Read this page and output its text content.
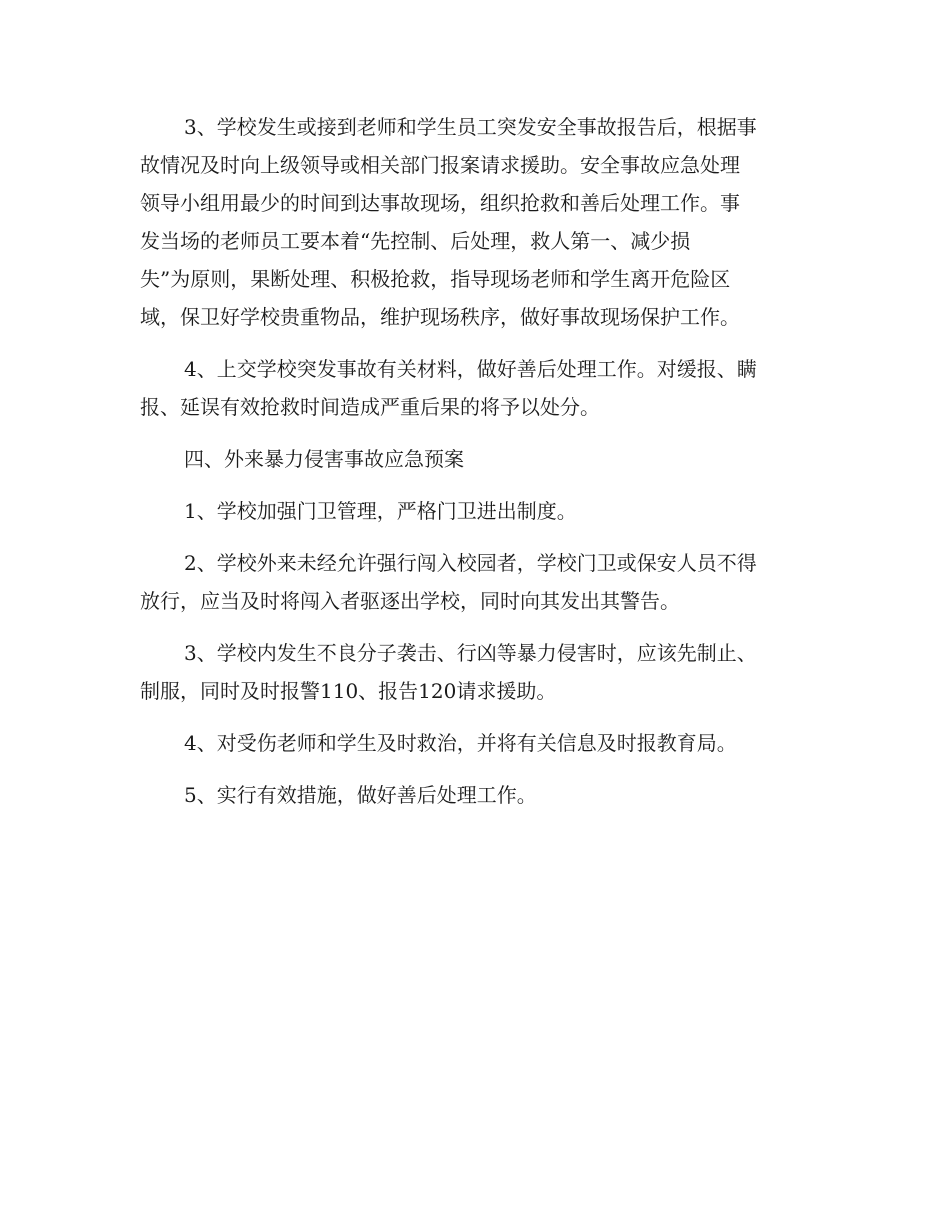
3、学校发生或接到老师和学生员工突发安全事故报告后，根据事
故情况及时向上级领导或相关部门报案请求援助。安全事故应急处理
领导小组用最少的时间到达事故现场，组织抢救和善后处理工作。事
发当场的老师员工要本着“先控制、后处理，救人第一、减少损
失”为原则，果断处理、积极抢救，指导现场老师和学生离开危险区
域，保卫好学校贵重物品，维护现场秩序，做好事故现场保护工作。
4、上交学校突发事故有关材料，做好善后处理工作。对缓报、瞒
报、延误有效抢救时间造成严重后果的将予以处分。
四、外来暴力侵害事故应急预案
1、学校加强门卫管理，严格门卫进出制度。
2、学校外来未经允许强行闯入校园者，学校门卫或保安人员不得
放行，应当及时将闯入者驱逐出学校，同时向其发出其警告。
3、学校内发生不良分子袭击、行凶等暴力侵害时，应该先制止、
制服，同时及时报警110、报告120请求援助。
4、对受伤老师和学生及时救治，并将有关信息及时报教育局。
5、实行有效措施，做好善后处理工作。
